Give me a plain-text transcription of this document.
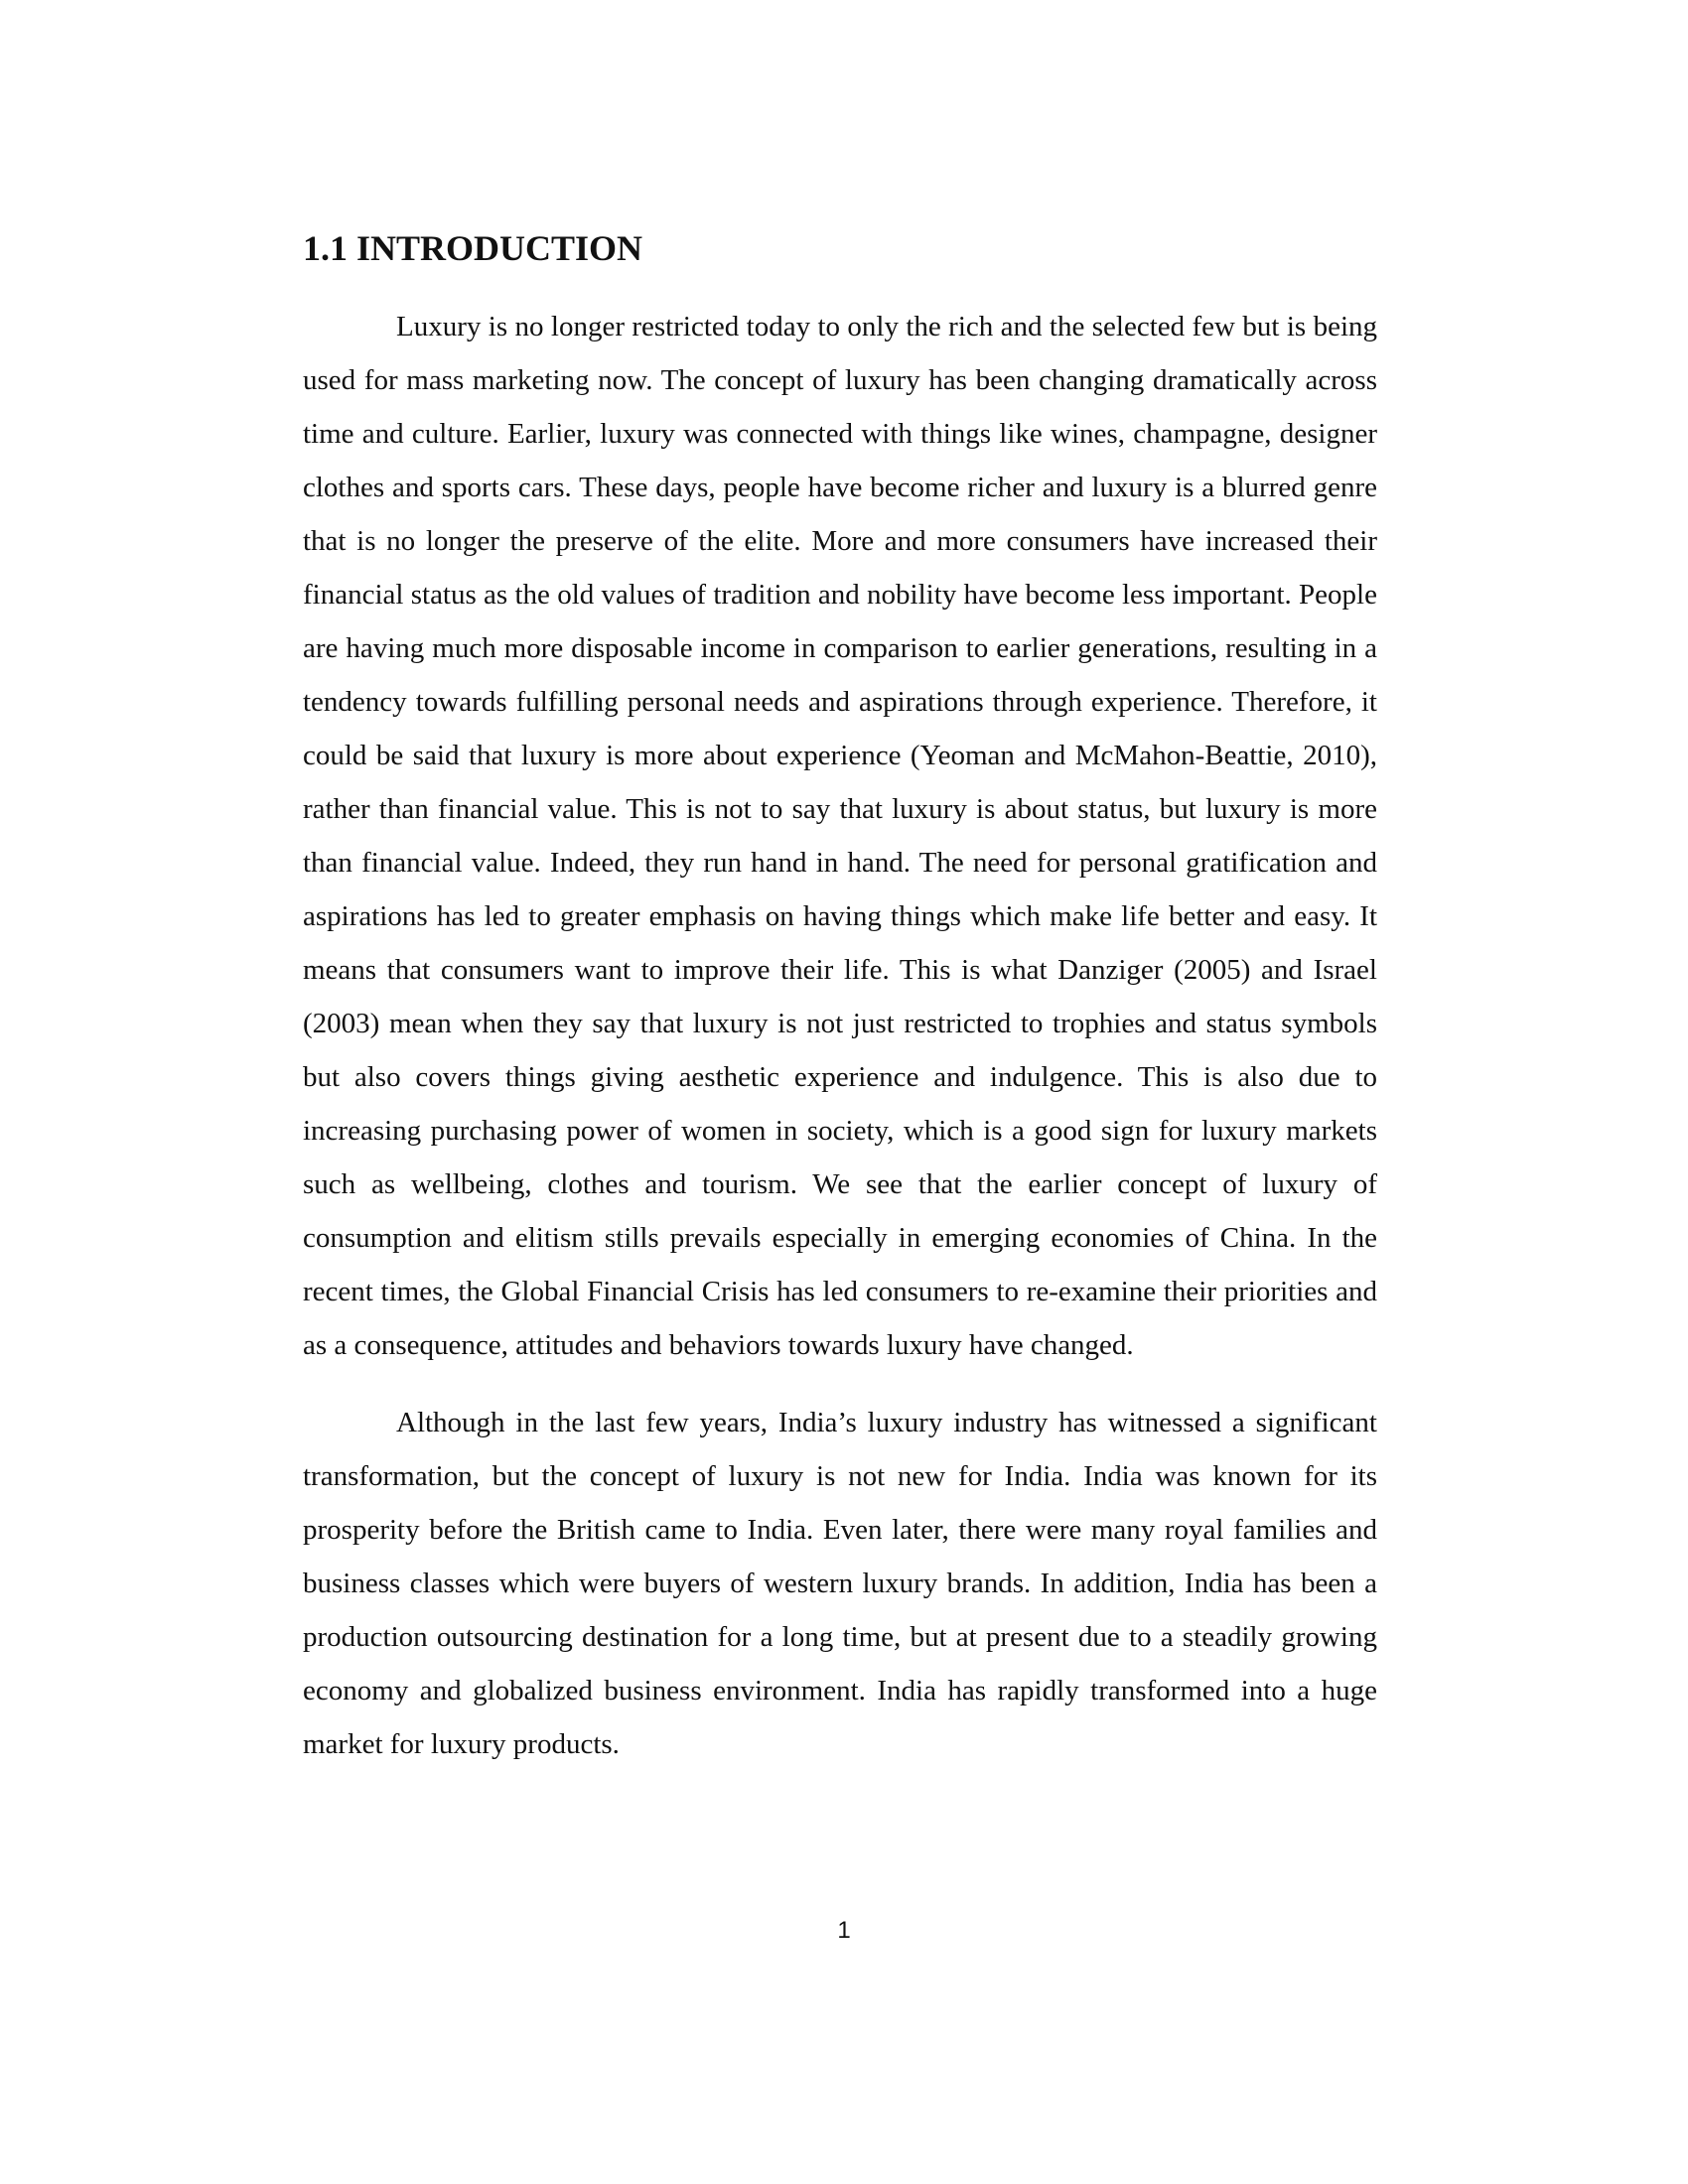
1.1 INTRODUCTION

Luxury is no longer restricted today to only the rich and the selected few but is being used for mass marketing now. The concept of luxury has been changing dramatically across time and culture. Earlier, luxury was connected with things like wines, champagne, designer clothes and sports cars. These days, people have become richer and luxury is a blurred genre that is no longer the preserve of the elite. More and more consumers have increased their financial status as the old values of tradition and nobility have become less important. People are having much more disposable income in comparison to earlier generations, resulting in a tendency towards fulfilling personal needs and aspirations through experience. Therefore, it could be said that luxury is more about experience (Yeoman and McMahon-Beattie, 2010), rather than financial value. This is not to say that luxury is about status, but luxury is more than financial value. Indeed, they run hand in hand. The need for personal gratification and aspirations has led to greater emphasis on having things which make life better and easy. It means that consumers want to improve their life. This is what Danziger (2005) and Israel (2003) mean when they say that luxury is not just restricted to trophies and status symbols but also covers things giving aesthetic experience and indulgence. This is also due to increasing purchasing power of women in society, which is a good sign for luxury markets such as wellbeing, clothes and tourism. We see that the earlier concept of luxury of consumption and elitism stills prevails especially in emerging economies of China. In the recent times, the Global Financial Crisis has led consumers to re-examine their priorities and as a consequence, attitudes and behaviors towards luxury have changed.

Although in the last few years, India’s luxury industry has witnessed a significant transformation, but the concept of luxury is not new for India. India was known for its prosperity before the British came to India. Even later, there were many royal families and business classes which were buyers of western luxury brands. In addition, India has been a production outsourcing destination for a long time, but at present due to a steadily growing economy and globalized business environment. India has rapidly transformed into a huge market for luxury products.

1
